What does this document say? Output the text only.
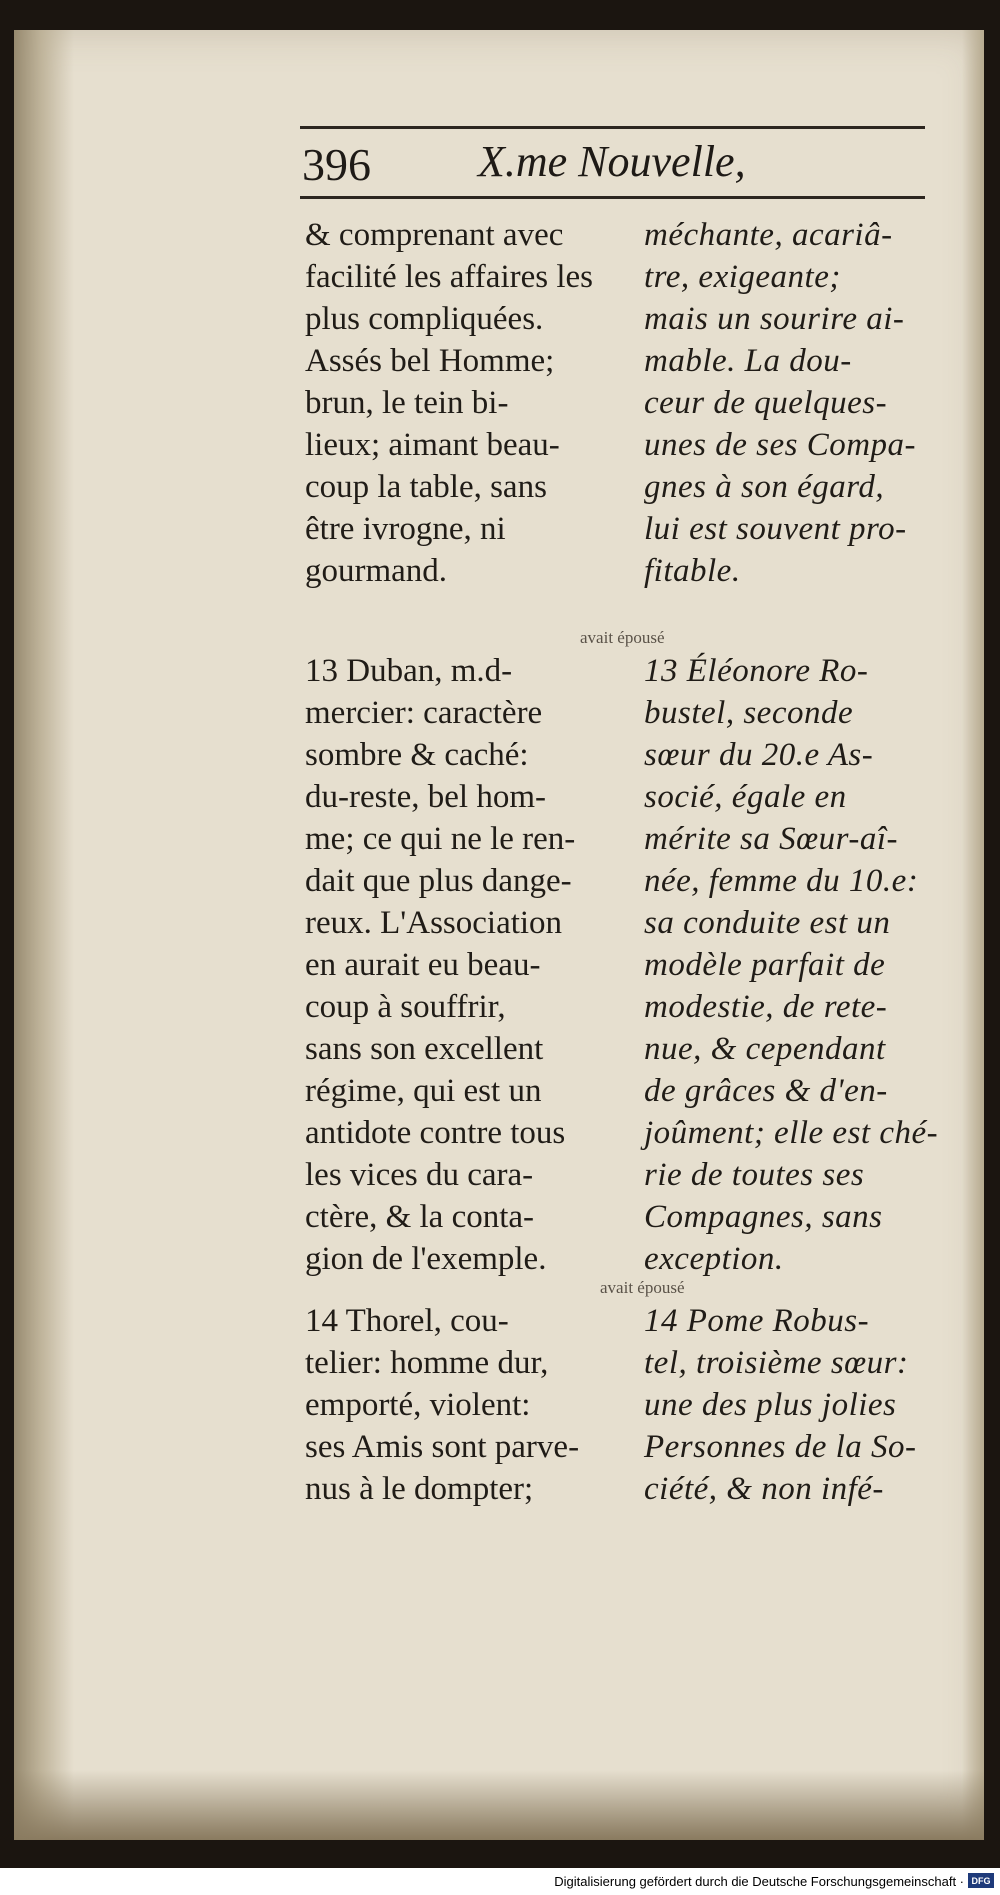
396 X.me Nouvelle,
& comprenant avec
facilité les affaires les
plus compliquées.
Assés bel Homme;
brun, le tein bi-
lieux; aimant beau-
coup la table, sans
être ivrogne, ni
gourmand.
avait épousé
13 Duban, m.d-
mercier: caractère
sombre & caché:
du-reste, bel hom-
me; ce qui ne le ren-
dait que plus dange-
reux. L'Association
en aurait eu beau-
coup à souffrir,
sans son excellent
régime, qui est un
antidote contre tous
les vices du cara-
ctère, & la conta-
gion de l'exemple.
avait épousé
14 Thorel, cou-
telier: homme dur,
emporté, violent:
ses Amis sont parve-
nus à le dompter;
méchante, acariâ-
tre, exigeante;
mais un sourire ai-
mable. La dou-
ceur de quelques-
unes de ses Compa-
gnes à son égard,
lui est souvent pro-
fitable.
13 Éléonore Ro-
bustel, seconde
sœur du 20.e As-
socié, égale en
mérite sa Sœur-aî-
née, femme du 10.e:
sa conduite est un
modèle parfait de
modestie, de rete-
nue, & cependant
de grâces & d'en-
joûment; elle est ché-
rie de toutes ses
Compagnes, sans
exception.
14 Pome Robus-
tel, troisième sœur:
une des plus jolies
Personnes de la So-
ciété, & non infé-
Digitalisierung gefördert durch die Deutsche Forschungsgemeinschaft · DFG
